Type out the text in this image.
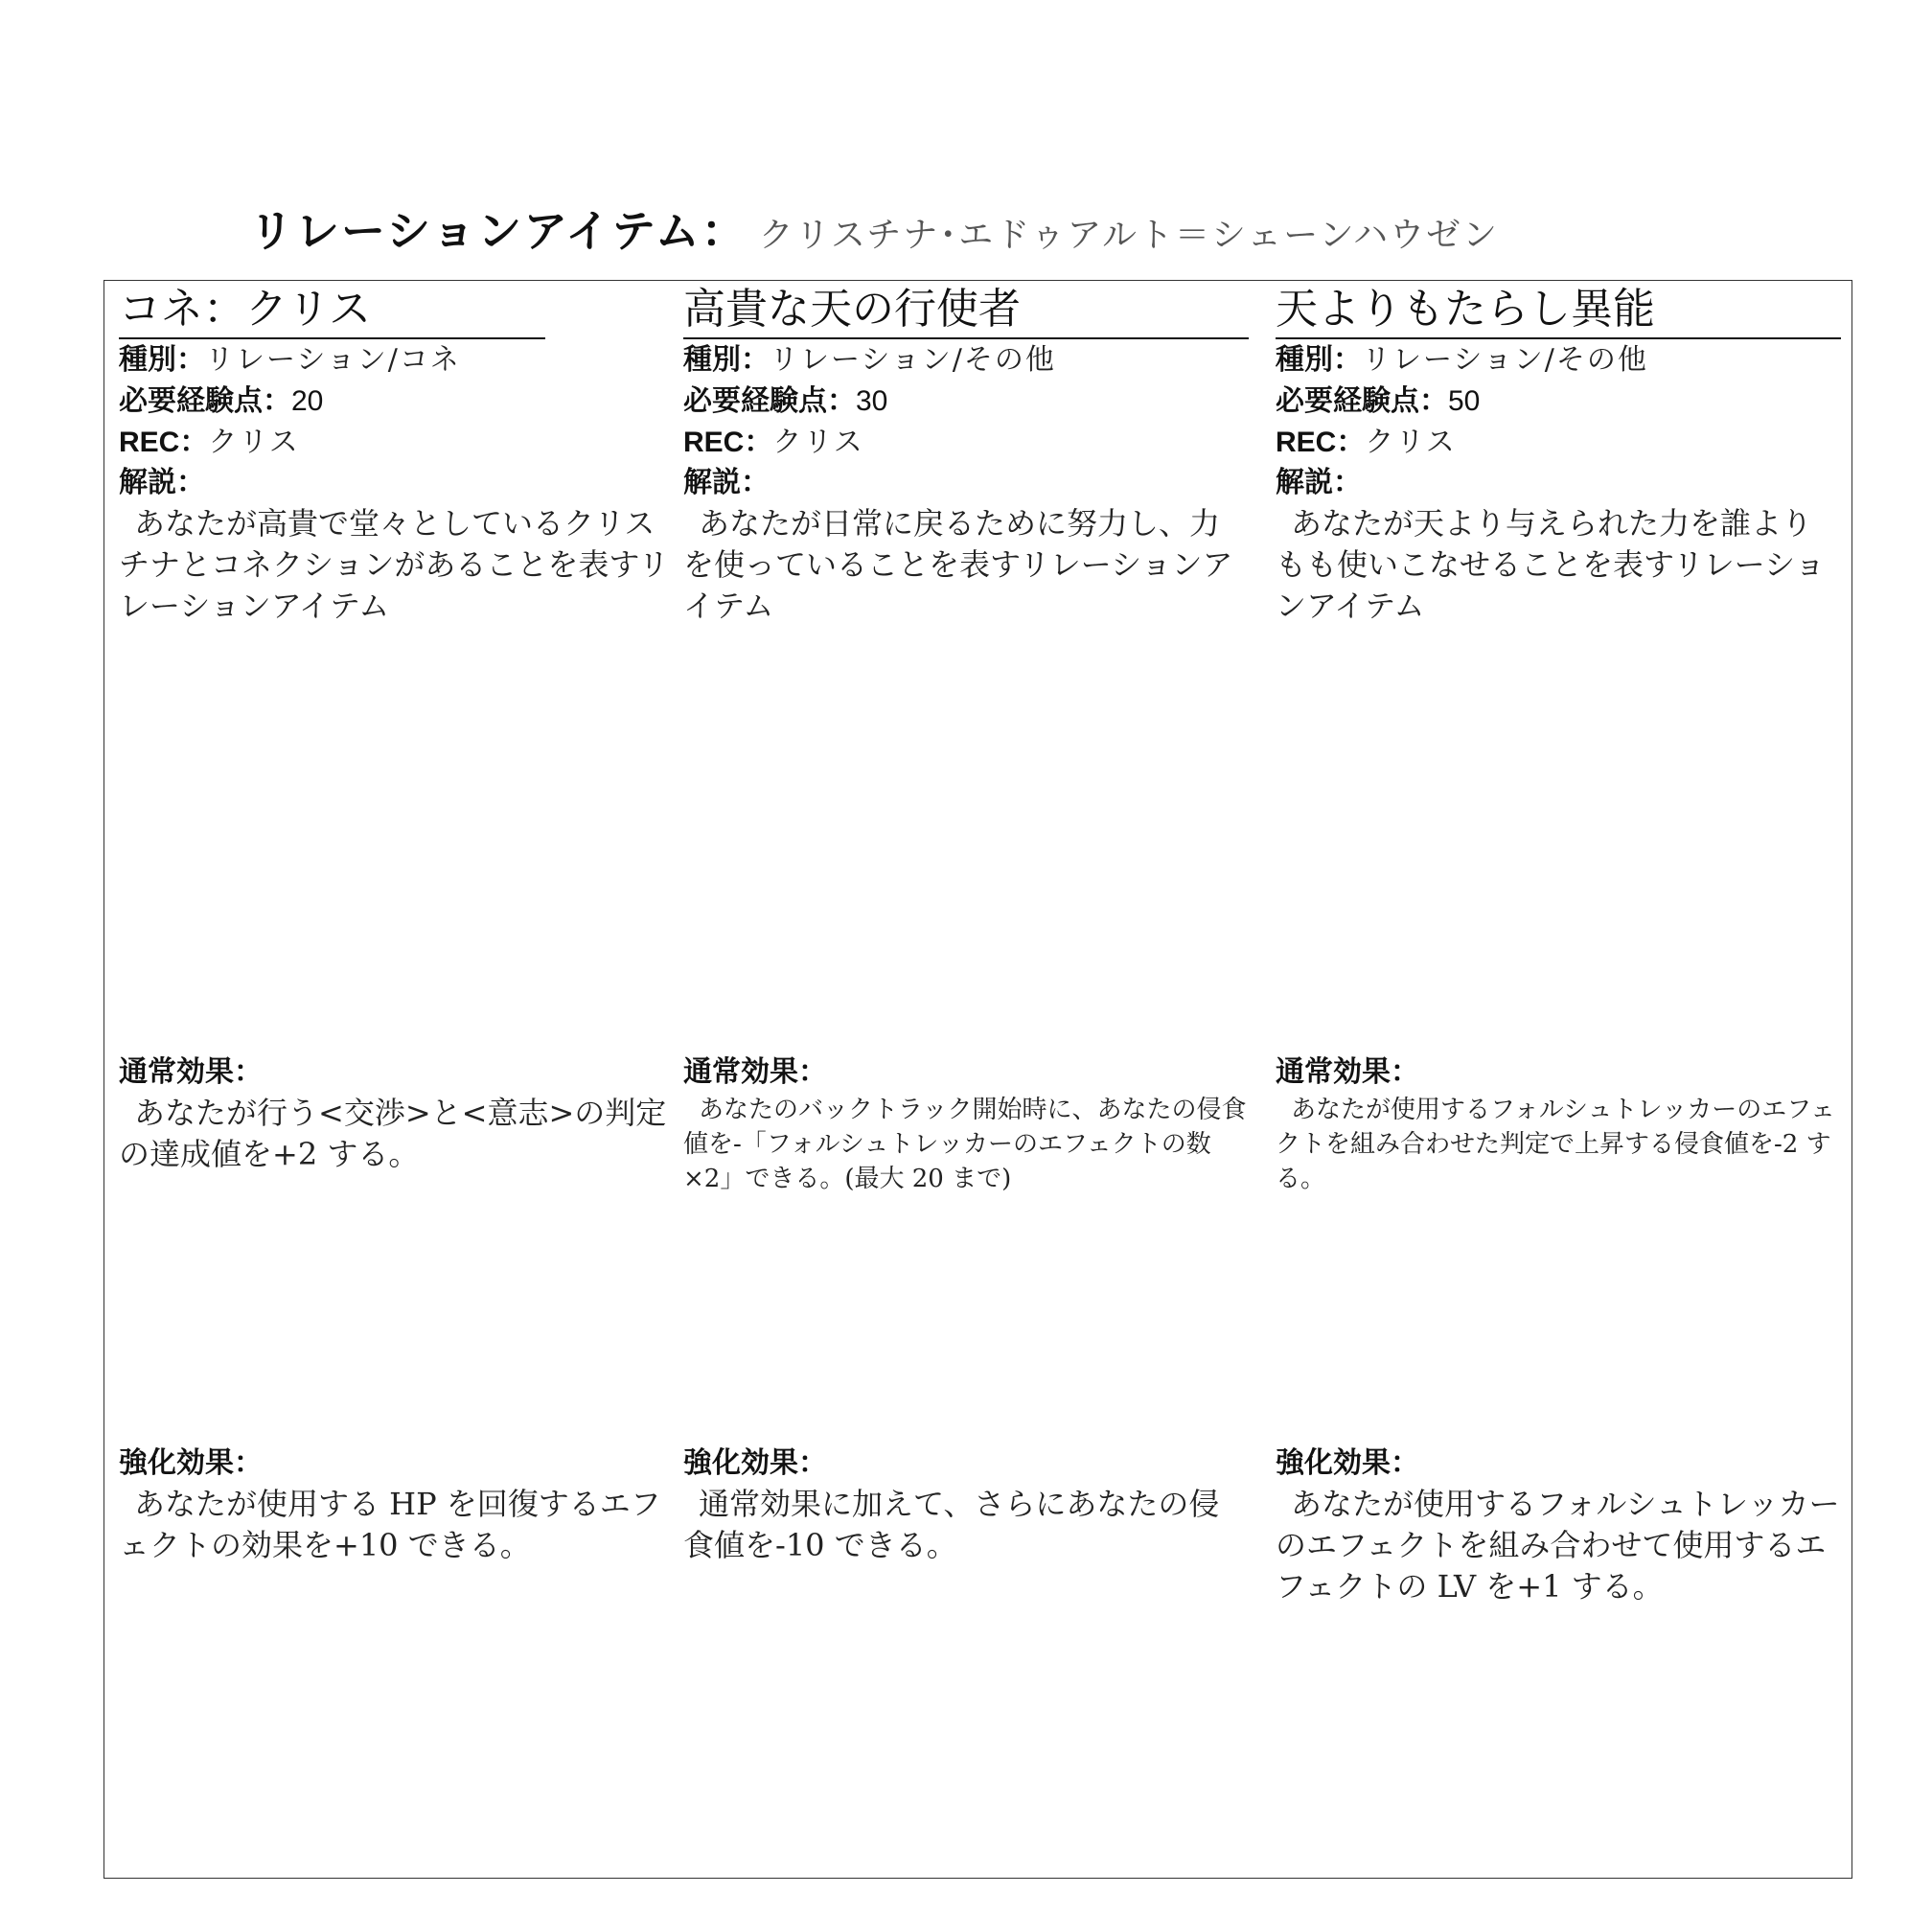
リレーションアイテム： クリスチナ･エドゥアルト＝シェーンハウゼン
コネ：クリス
種別：リレーション/コネ
必要経験点：20
REC：クリス
解説：
あなたが高貴で堂々としているクリスチナとコネクションがあることを表すリレーションアイテム
通常効果：
あなたが行う<交渉>と<意志>の判定の達成値を+2 する。
強化効果：
あなたが使用する HP を回復するエフェクトの効果を+10 できる。
高貴な天の行使者
種別：リレーション/その他
必要経験点：30
REC：クリス
解説：
あなたが日常に戻るために努力し、力を使っていることを表すリレーションアイテム
通常効果：
あなたのバックトラック開始時に、あなたの侵食値を-「フォルシュトレッカーのエフェクトの数×2」できる。(最大 20 まで)
強化効果：
通常効果に加えて、さらにあなたの侵食値を-10 できる。
天よりもたらし異能
種別：リレーション/その他
必要経験点：50
REC：クリス
解説：
あなたが天より与えられた力を誰よりもも使いこなせることを表すリレーションアイテム
通常効果：
あなたが使用するフォルシュトレッカーのエフェクトを組み合わせた判定で上昇する侵食値を-2 する。
強化効果：
あなたが使用するフォルシュトレッカーのエフェクトを組み合わせて使用するエフェクトの LV を+1 する。
